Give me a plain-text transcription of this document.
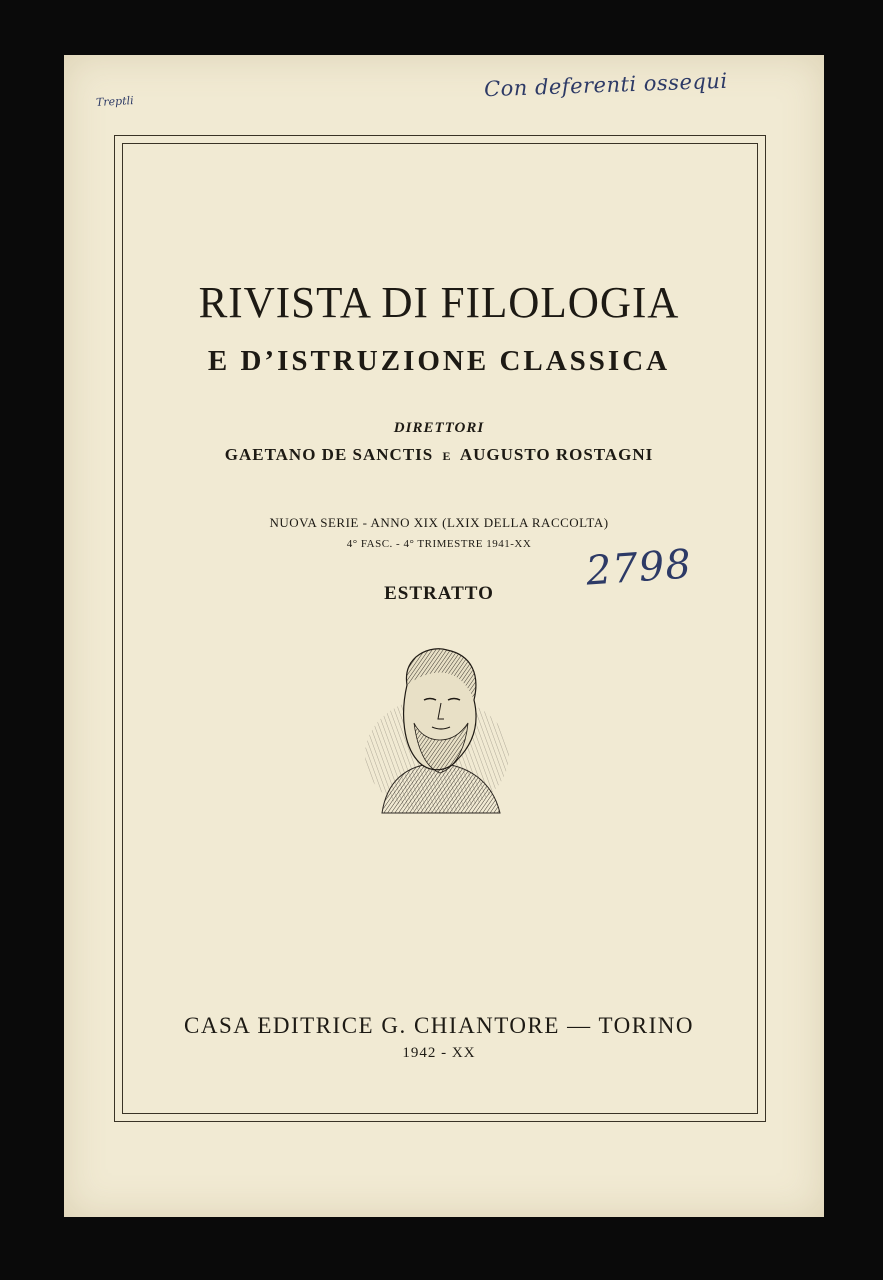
Treptli
Con deferenti ossequi
RIVISTA DI FILOLOGIA
E D’ISTRUZIONE CLASSICA
DIRETTORI
GAETANO DE SANCTIS E AUGUSTO ROSTAGNI
NUOVA SERIE - ANNO XIX (LXIX DELLA RACCOLTA)
4° FASC. - 4° TRIMESTRE 1941-XX
ESTRATTO	2798
CASA EDITRICE G. CHIANTORE — TORINO
1942 - XX
